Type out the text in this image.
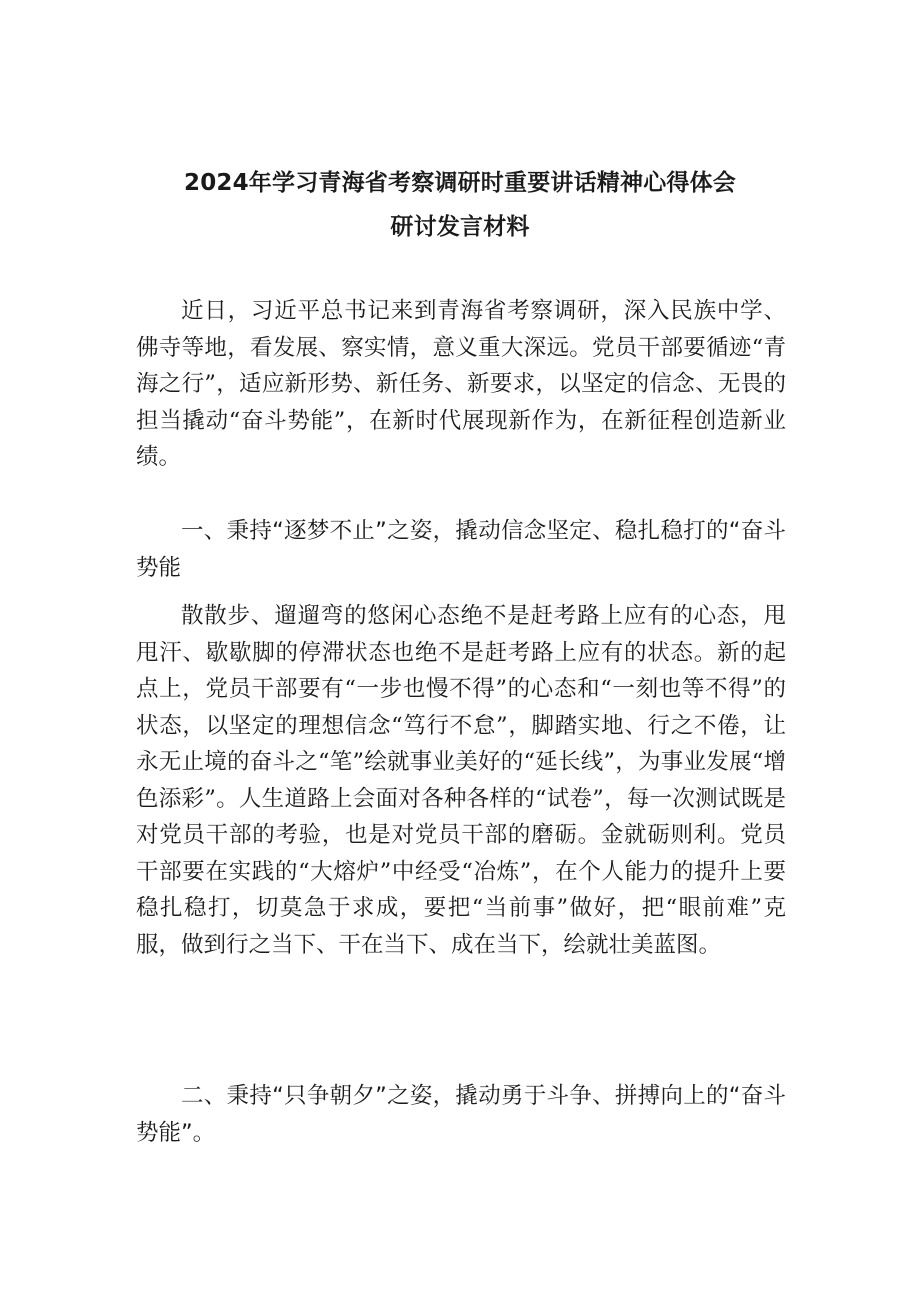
2024年学习青海省考察调研时重要讲话精神心得体会
研讨发言材料

近日，习近平总书记来到青海省考察调研，深入民族中学、佛寺等地，看发展、察实情，意义重大深远。党员干部要循迹“青海之行”，适应新形势、新任务、新要求，以坚定的信念、无畏的担当撬动“奋斗势能”，在新时代展现新作为，在新征程创造新业绩。

一、秉持“逐梦不止”之姿，撬动信念坚定、稳扎稳打的“奋斗势能

散散步、遛遛弯的悠闲心态绝不是赶考路上应有的心态，甩甩汗、歇歇脚的停滞状态也绝不是赶考路上应有的状态。新的起点上，党员干部要有“一步也慢不得”的心态和“一刻也等不得”的状态，以坚定的理想信念“笃行不怠”，脚踏实地、行之不倦，让永无止境的奋斗之“笔”绘就事业美好的“延长线”，为事业发展“增色添彩”。人生道路上会面对各种各样的“试卷”，每一次测试既是对党员干部的考验，也是对党员干部的磨砺。金就砺则利。党员干部要在实践的“大熔炉”中经受“冶炼”，在个人能力的提升上要稳扎稳打，切莫急于求成，要把“当前事”做好，把“眼前难”克服，做到行之当下、干在当下、成在当下，绘就壮美蓝图。

二、秉持“只争朝夕”之姿，撬动勇于斗争、拼搏向上的“奋斗势能”。
